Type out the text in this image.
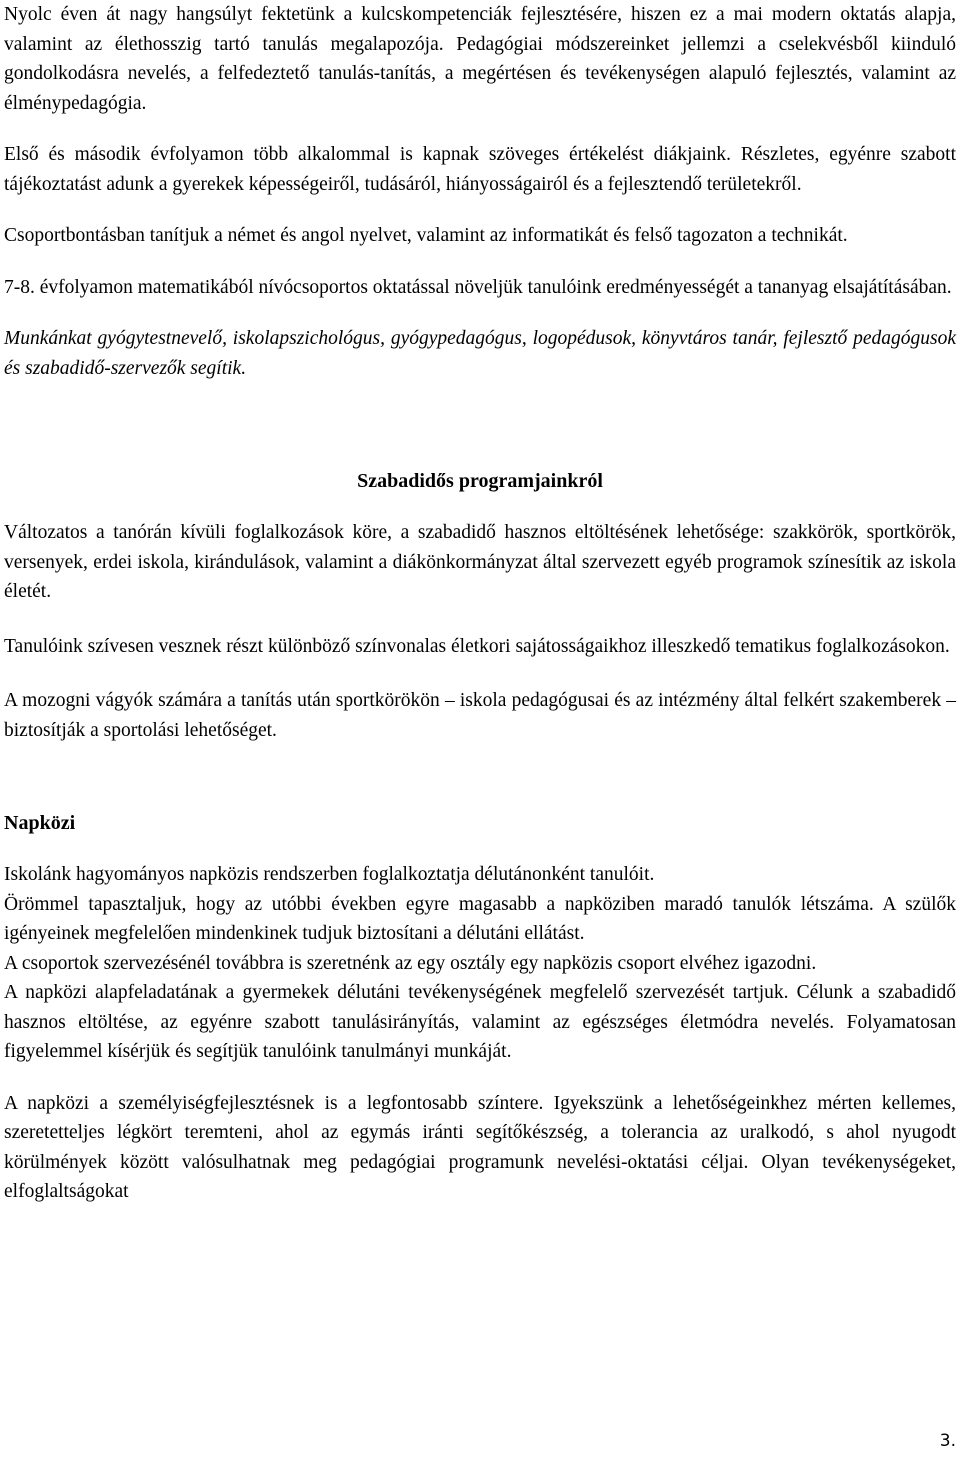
Nyolc éven át nagy hangsúlyt fektetünk a kulcskompetenciák fejlesztésére, hiszen ez a mai modern oktatás alapja, valamint az élethosszig tartó tanulás megalapozója. Pedagógiai módszereinket jellemzi a cselekvésből kiinduló gondolkodásra nevelés, a felfedeztető tanulás-tanítás, a megértésen és tevékenységen alapuló fejlesztés, valamint az élménypedagógia.

Első és második évfolyamon több alkalommal is kapnak szöveges értékelést diákjaink. Részletes, egyénre szabott tájékoztatást adunk a gyerekek képességeiről, tudásáról, hiányosságairól és a fejlesztendő területekről.

Csoportbontásban tanítjuk a német és angol nyelvet, valamint az informatikát és felső tagozaton a technikát.

7-8. évfolyamon matematikából nívócsoportos oktatással növeljük tanulóink eredményességét a tananyag elsajátításában.

Munkánkat gyógytestnevelő, iskolapszichológus, gyógypedagógus, logopédusok, könyvtáros tanár, fejlesztő pedagógusok és szabadidő-szervezők segítik.

Szabadidős programjainkról

Változatos a tanórán kívüli foglalkozások köre, a szabadidő hasznos eltöltésének lehetősége: szakkörök, sportkörök, versenyek, erdei iskola, kirándulások, valamint a diákönkormányzat által szervezett egyéb programok színesítik az iskola életét.

Tanulóink szívesen vesznek részt különböző színvonalas életkori sajátosságaikhoz illeszkedő tematikus foglalkozásokon.

A mozogni vágyók számára a tanítás után sportkörökön – iskola pedagógusai és az intézmény által felkért szakemberek – biztosítják a sportolási lehetőséget.

Napközi

Iskolánk hagyományos napközis rendszerben foglalkoztatja délutánonként tanulóit.

Örömmel tapasztaljuk, hogy az utóbbi években egyre magasabb a napköziben maradó tanulók létszáma. A szülők igényeinek megfelelően mindenkinek tudjuk biztosítani a délutáni ellátást.

A csoportok szervezésénél továbbra is szeretnénk az egy osztály egy napközis csoport elvéhez igazodni.

A napközi alapfeladatának a gyermekek délutáni tevékenységének megfelelő szervezését tartjuk. Célunk a szabadidő hasznos eltöltése, az egyénre szabott tanulásirányítás, valamint az egészséges életmódra nevelés. Folyamatosan figyelemmel kísérjük és segítjük tanulóink tanulmányi munkáját.

A napközi a személyiségfejlesztésnek is a legfontosabb színtere. Igyekszünk a lehetőségeinkhez mérten kellemes, szeretetteljes légkört teremteni, ahol az egymás iránti segítőkészség, a tolerancia az uralkodó, s ahol nyugodt körülmények között valósulhatnak meg pedagógiai programunk nevelési-oktatási céljai. Olyan tevékenységeket, elfoglaltságokat

3.
